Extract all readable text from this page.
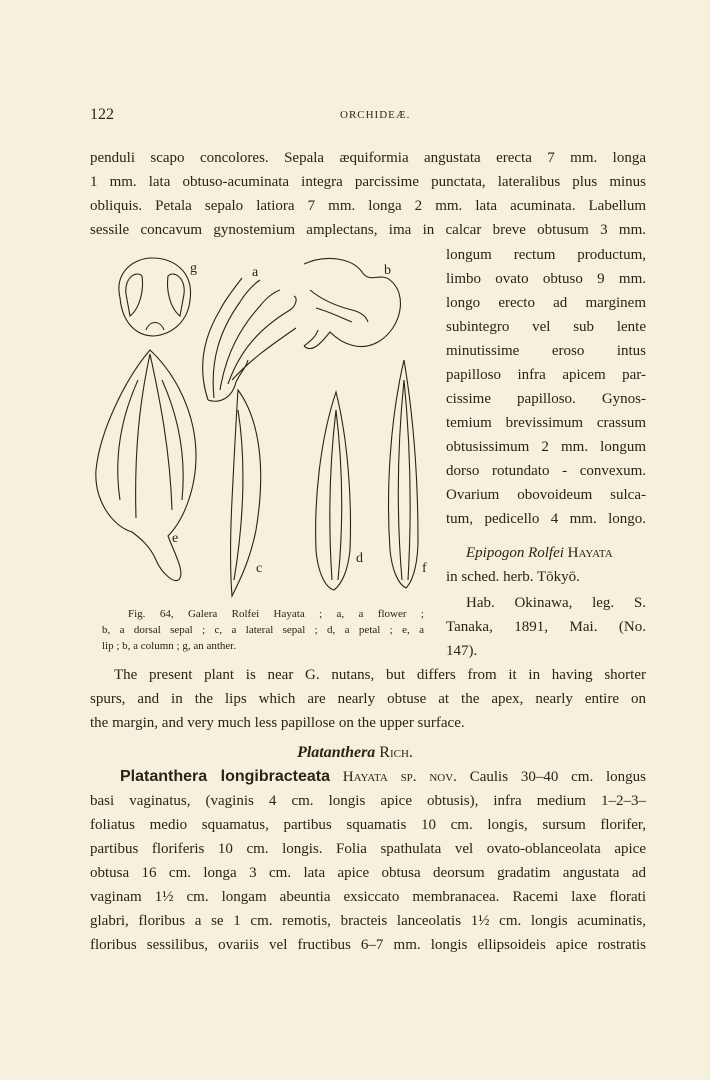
122	ORCHIDEÆ.
penduli scapo concolores. Sepala æquiformia angustata erecta 7 mm. longa
1 mm. lata obtuso-acuminata integra parcissime punctata, lateralibus plus minus
obliquis. Petala sepalo latiora 7 mm. longa 2 mm. lata acuminata. Labellum
sessile concavum gynostemium amplectans, ima in calcar breve obtusum 3 mm.
longum rectum productum,
limbo ovato obtuso 9 mm.
longo erecto ad marginem
subintegro vel sub lente
minutissime eroso intus
papilloso infra apicem par-
cissime papilloso. Gynos-
temium brevissimum crassum
obtusissimum 2 mm. longum
dorso rotundato - convexum.
Ovarium obovoideum sulca-
tum, pedicello 4 mm. longo.
Epipogon Rolfei Hayata
in sched. herb. Tōkyō.
Hab. Okinawa, leg. S.
Tanaka, 1891, Mai. (No.
147).
g	a	b
e
c
d
f
Fig. 64, Galera Rolfei Hayata ; a, a flower ;
b, a dorsal sepal ; c, a lateral sepal ; d, a petal ; e, a
lip ; b, a column ; g, an anther.
The present plant is near G. nutans, but differs from it in having shorter
spurs, and in the lips which are nearly obtuse at the apex, nearly entire on
the margin, and very much less papillose on the upper surface.
Platanthera Rich.
Platanthera longibracteata Hayata sp. nov. Caulis 30–40 cm. longus
basi vaginatus, (vaginis 4 cm. longis apice obtusis), infra medium 1–2–3–
foliatus medio squamatus, partibus squamatis 10 cm. longis, sursum florifer,
partibus floriferis 10 cm. longis. Folia spathulata vel ovato-oblanceolata apice
obtusa 16 cm. longa 3 cm. lata apice obtusa deorsum gradatim angustata ad
vaginam 1½ cm. longam abeuntia exsiccato membranacea. Racemi laxe florati
glabri, floribus a se 1 cm. remotis, bracteis lanceolatis 1½ cm. longis acuminatis,
floribus sessilibus, ovariis vel fructibus 6–7 mm. longis ellipsoideis apice rostratis
